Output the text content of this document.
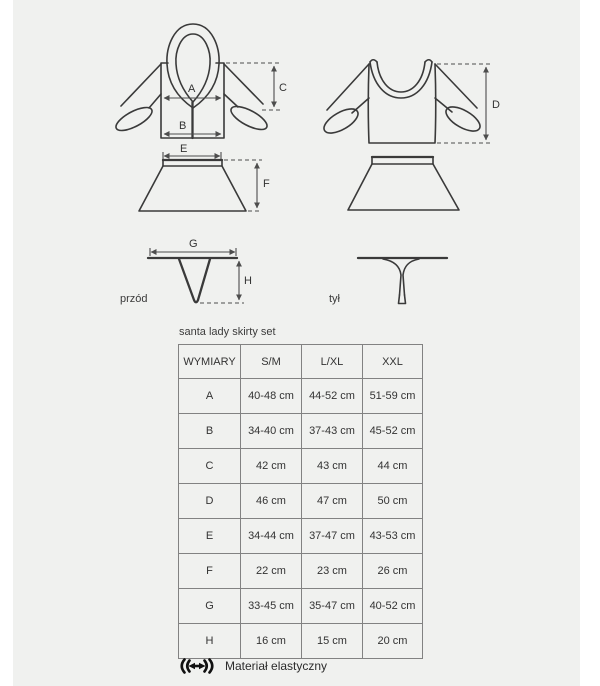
A
B
C
E
F
D
G
H
przód	tył
santa lady skirty set
WYMIARY	S/M	L/XL	XXL
A	40-48 cm	44-52 cm	51-59 cm
B	34-40 cm	37-43 cm	45-52 cm
C	42 cm	43 cm	44 cm
D	46 cm	47 cm	50 cm
E	34-44 cm	37-47 cm	43-53 cm
F	22 cm	23 cm	26 cm
G	33-45 cm	35-47 cm	40-52 cm
H	16 cm	15 cm	20 cm
Materiał elastyczny
